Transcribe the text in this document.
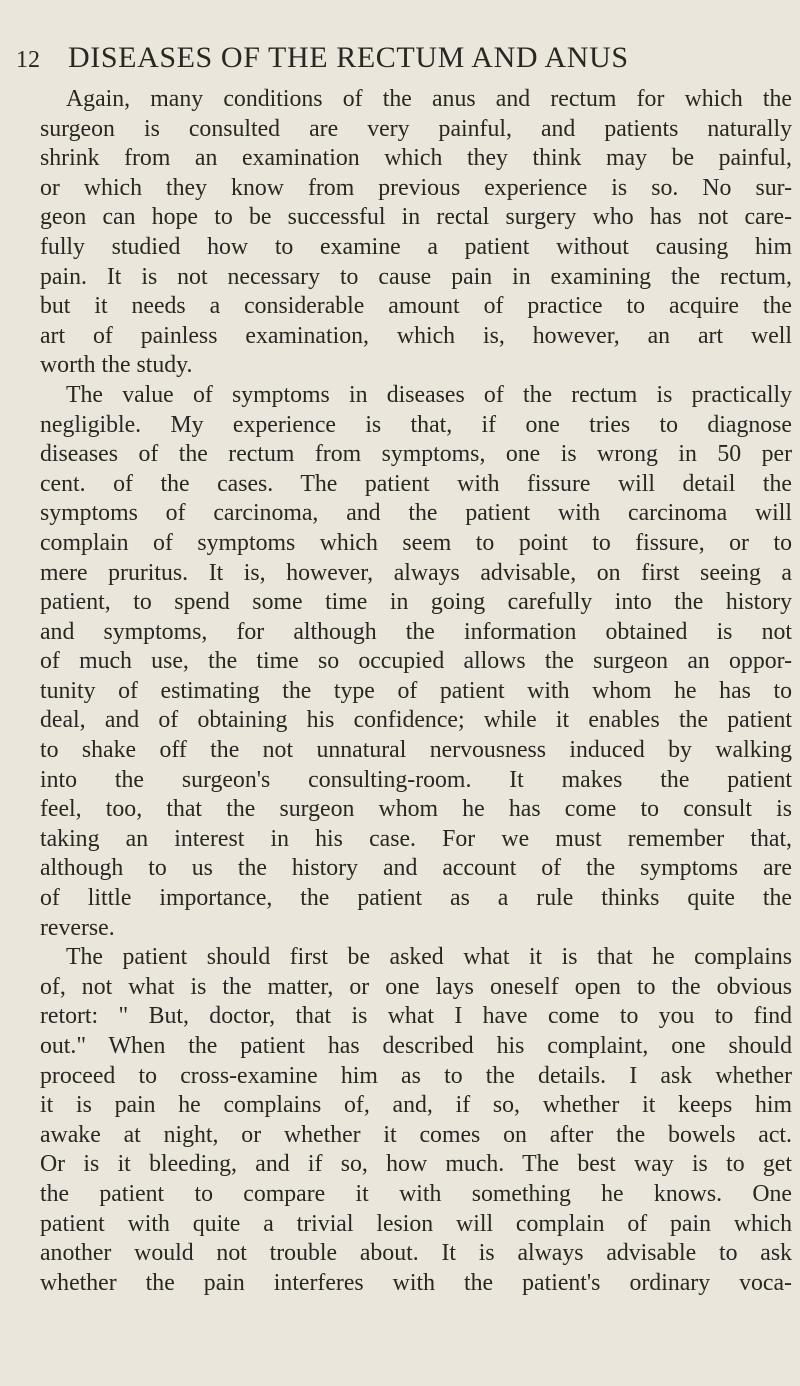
12 DISEASES OF THE RECTUM AND ANUS
Again, many conditions of the anus and rectum for which the
surgeon is consulted are very painful, and patients naturally
shrink from an examination which they think may be painful,
or which they know from previous experience is so. No sur-
geon can hope to be successful in rectal surgery who has not care-
fully studied how to examine a patient without causing him
pain. It is not necessary to cause pain in examining the rectum,
but it needs a considerable amount of practice to acquire the
art of painless examination, which is, however, an art well
worth the study.
The value of symptoms in diseases of the rectum is practically
negligible. My experience is that, if one tries to diagnose
diseases of the rectum from symptoms, one is wrong in 50 per
cent. of the cases. The patient with fissure will detail the
symptoms of carcinoma, and the patient with carcinoma will
complain of symptoms which seem to point to fissure, or to
mere pruritus. It is, however, always advisable, on first seeing a
patient, to spend some time in going carefully into the history
and symptoms, for although the information obtained is not
of much use, the time so occupied allows the surgeon an oppor-
tunity of estimating the type of patient with whom he has to
deal, and of obtaining his confidence; while it enables the patient
to shake off the not unnatural nervousness induced by walking
into the surgeon's consulting-room. It makes the patient
feel, too, that the surgeon whom he has come to consult is
taking an interest in his case. For we must remember that,
although to us the history and account of the symptoms are
of little importance, the patient as a rule thinks quite the
reverse.
The patient should first be asked what it is that he complains
of, not what is the matter, or one lays oneself open to the obvious
retort: " But, doctor, that is what I have come to you to find
out." When the patient has described his complaint, one should
proceed to cross-examine him as to the details. I ask whether
it is pain he complains of, and, if so, whether it keeps him
awake at night, or whether it comes on after the bowels act.
Or is it bleeding, and if so, how much. The best way is to get
the patient to compare it with something he knows. One
patient with quite a trivial lesion will complain of pain which
another would not trouble about. It is always advisable to ask
whether the pain interferes with the patient's ordinary voca-
